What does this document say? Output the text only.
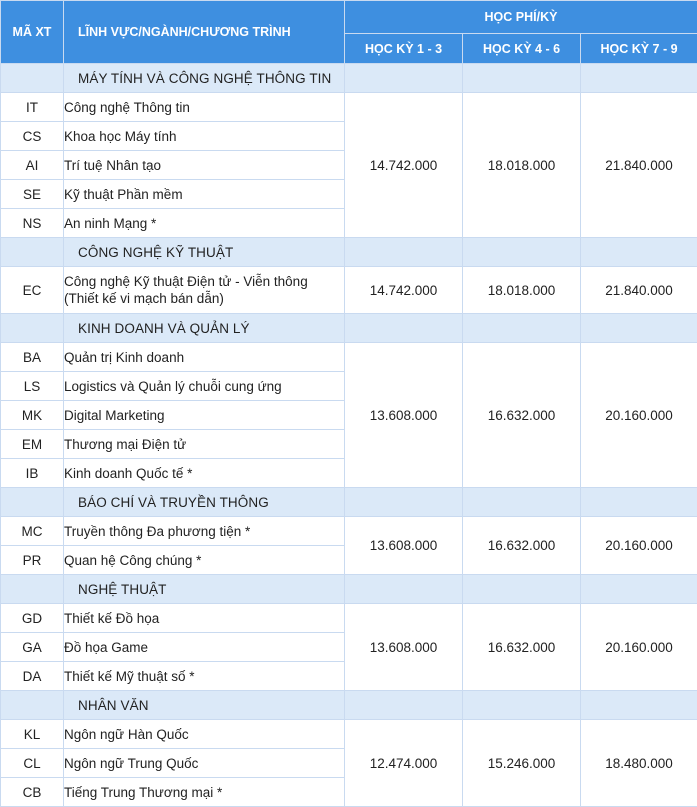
MÃ XT	LĨNH VỰC/NGÀNH/CHƯƠNG TRÌNH	HỌC PHÍ/KỲ		
		HỌC KỲ 1 - 3	HỌC KỲ 4 - 6	HỌC KỲ 7 - 9
	MÁY TÍNH VÀ CÔNG NGHỆ THÔNG TIN			
IT	Công nghệ Thông tin	14.742.000	18.018.000	21.840.000
CS	Khoa học Máy tính			
AI	Trí tuệ Nhân tạo			
SE	Kỹ thuật Phần mềm			
NS	An ninh Mạng *			
	CÔNG NGHỆ KỸ THUẬT			
EC	Công nghệ Kỹ thuật Điện tử - Viễn thông
(Thiết kế vi mạch bán dẫn)	14.742.000	18.018.000	21.840.000
	KINH DOANH VÀ QUẢN LÝ			
BA	Quản trị Kinh doanh	13.608.000	16.632.000	20.160.000
LS	Logistics và Quản lý chuỗi cung ứng			
MK	Digital Marketing			
EM	Thương mại Điện tử			
IB	Kinh doanh Quốc tế *			
	BÁO CHÍ VÀ TRUYỀN THÔNG			
MC	Truyền thông Đa phương tiện *	13.608.000	16.632.000	20.160.000
PR	Quan hệ Công chúng *			
	NGHỆ THUẬT			
GD	Thiết kế Đồ họa	13.608.000	16.632.000	20.160.000
GA	Đồ họa Game			
DA	Thiết kế Mỹ thuật số *			
	NHÂN VĂN			
KL	Ngôn ngữ Hàn Quốc	12.474.000	15.246.000	18.480.000
CL	Ngôn ngữ Trung Quốc			
CB	Tiếng Trung Thương mại *			
